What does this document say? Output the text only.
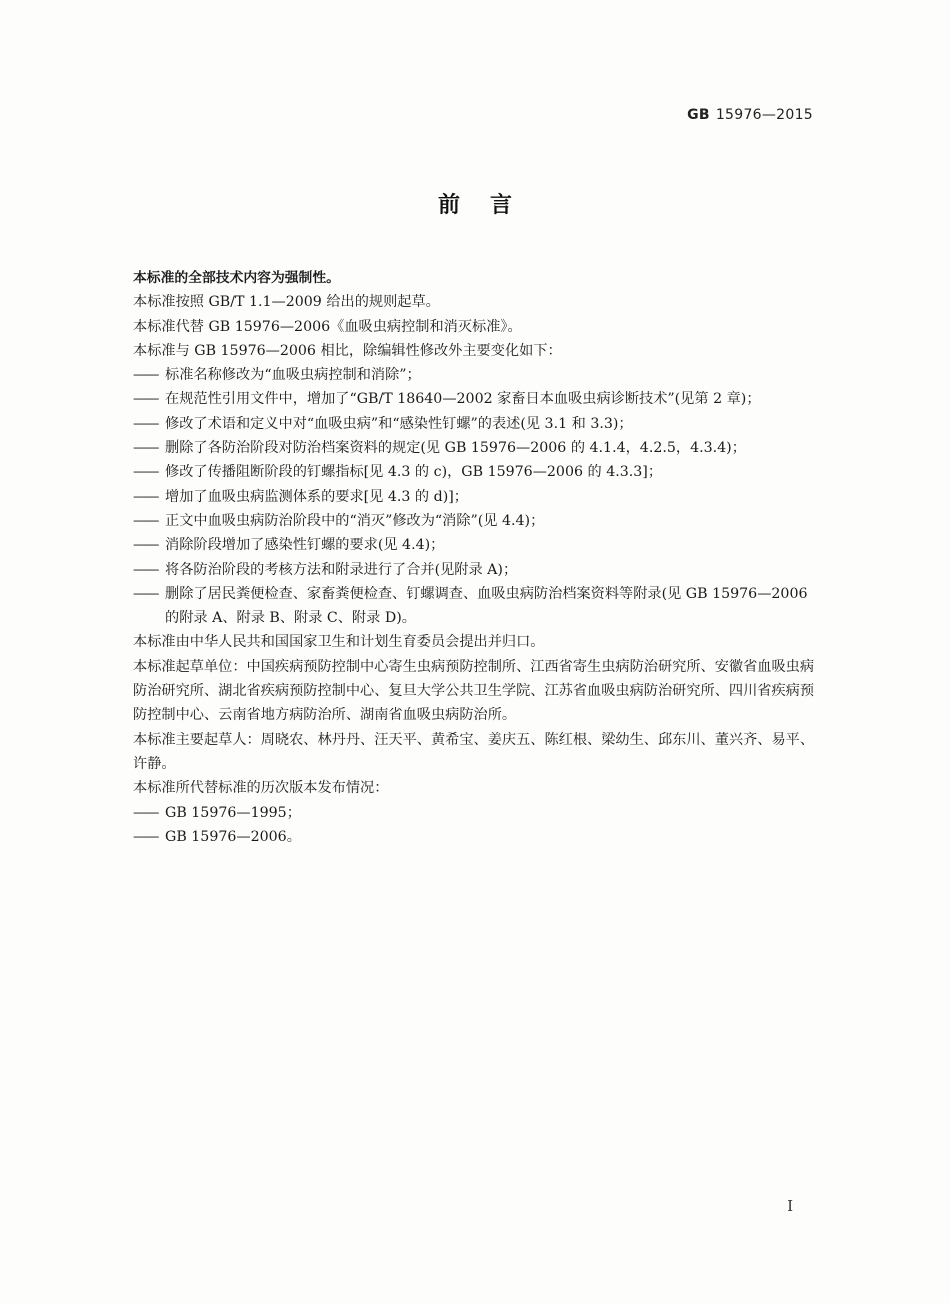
GB 15976—2015
前言

本标准的全部技术内容为强制性。

本标准按照 GB/T 1.1—2009 给出的规则起草。

本标准代替 GB 15976—2006《血吸虫病控制和消灭标准》。

本标准与 GB 15976—2006 相比，除编辑性修改外主要变化如下：

—— 标准名称修改为“血吸虫病控制和消除”；

—— 在规范性引用文件中，增加了“GB/T 18640—2002 家畜日本血吸虫病诊断技术”(见第 2 章)；

—— 修改了术语和定义中对“血吸虫病”和“感染性钉螺”的表述(见 3.1 和 3.3)；

—— 删除了各防治阶段对防治档案资料的规定(见 GB 15976—2006 的 4.1.4，4.2.5，4.3.4)；

—— 修改了传播阻断阶段的钉螺指标[见 4.3 的 c)，GB 15976—2006 的 4.3.3]；

—— 增加了血吸虫病监测体系的要求[见 4.3 的 d)]；

—— 正文中血吸虫病防治阶段中的“消灭”修改为“消除”(见 4.4)；

—— 消除阶段增加了感染性钉螺的要求(见 4.4)；

—— 将各防治阶段的考核方法和附录进行了合并(见附录 A)；

—— 删除了居民粪便检查、家畜粪便检查、钉螺调查、血吸虫病防治档案资料等附录(见 GB 15976—2006 的附录 A、附录 B、附录 C、附录 D)。

本标准由中华人民共和国国家卫生和计划生育委员会提出并归口。

本标准起草单位：中国疾病预防控制中心寄生虫病预防控制所、江西省寄生虫病防治研究所、安徽省血吸虫病防治研究所、湖北省疾病预防控制中心、复旦大学公共卫生学院、江苏省血吸虫病防治研究所、四川省疾病预防控制中心、云南省地方病防治所、湖南省血吸虫病防治所。

本标准主要起草人：周晓农、林丹丹、汪天平、黄希宝、姜庆五、陈红根、梁幼生、邱东川、董兴齐、易平、许静。

本标准所代替标准的历次版本发布情况：

—— GB 15976—1995；

—— GB 15976—2006。

I
